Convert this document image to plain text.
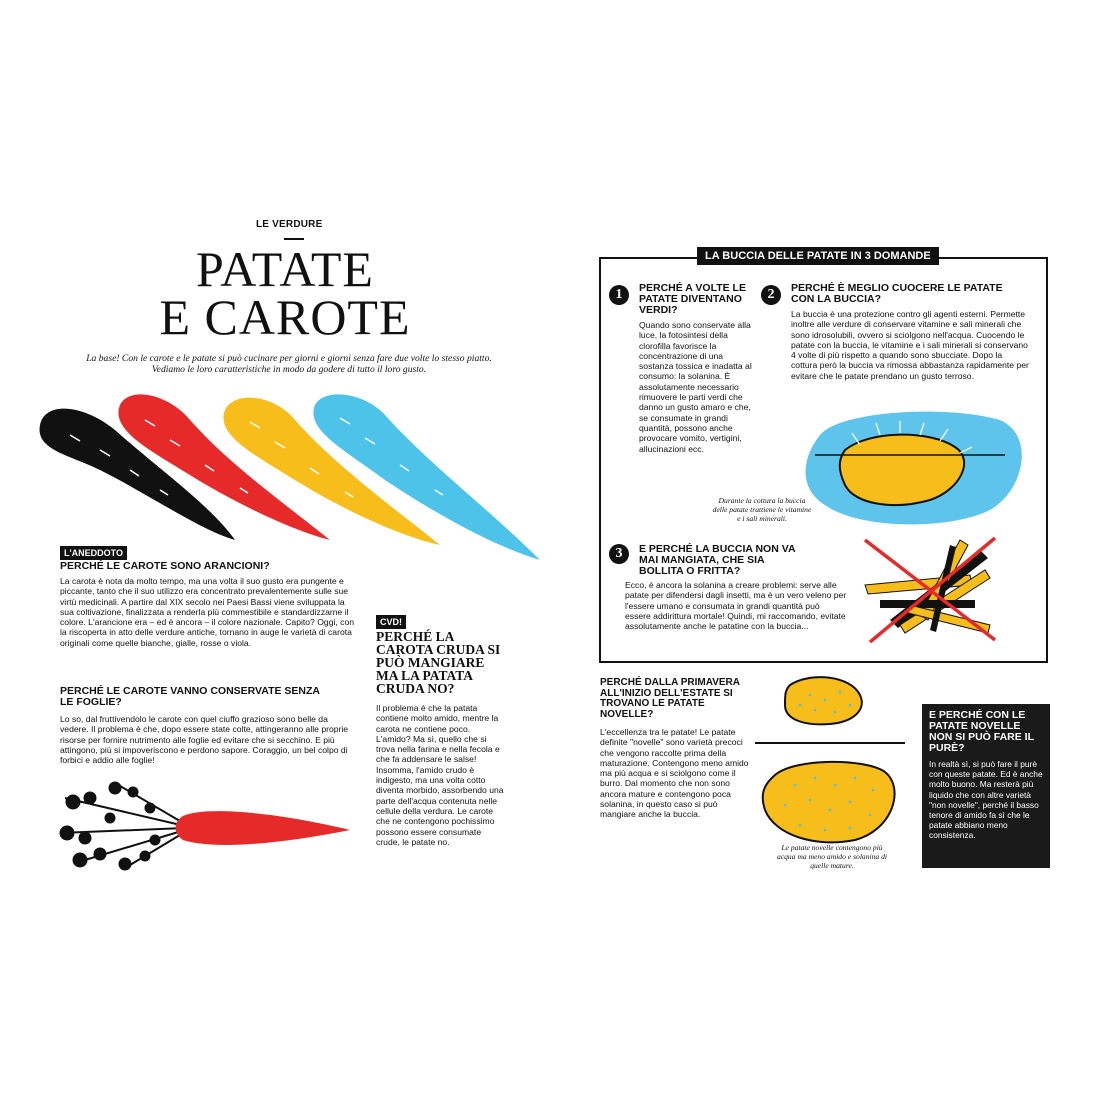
LE VERDURE
PATATE
E CAROTE
La base! Con le carote e le patate si può cucinare per giorni e giorni senza fare due volte lo stesso piatto. Vediamo le loro caratteristiche in modo da godere di tutto il loro gusto.
L'ANEDDOTO
PERCHÉ LE CAROTE SONO ARANCIONI?
La carota è nota da molto tempo, ma una volta il suo gusto era pungente e piccante, tanto che il suo utilizzo era concentrato prevalentemente sulle sue virtù medicinali. A partire dal XIX secolo nei Paesi Bassi viene sviluppata la sua coltivazione, finalizzata a renderla più commestibile e standardizzarne il colore. L'arancione era – ed è ancora – il colore nazionale. Capito? Oggi, con la riscoperta in atto delle verdure antiche, tornano in auge le varietà di carota originali come quelle bianche, gialle, rosse o viola.
PERCHÉ LE CAROTE VANNO CONSERVATE SENZA LE FOGLIE?
Lo so, dal fruttivendolo le carote con quel ciuffo grazioso sono belle da vedere. Il problema è che, dopo essere state colte, attingeranno alle proprie risorse per fornire nutrimento alle foglie ed evitare che si secchino. E più attingono, più si impoveriscono e perdono sapore. Coraggio, un bel colpo di forbici e addio alle foglie!
CVD!
PERCHÉ LA CAROTA CRUDA SI PUÒ MANGIARE MA LA PATATA CRUDA NO?
Il problema è che la patata contiene molto amido, mentre la carota ne contiene poco. L'amido? Ma sì, quello che si trova nella farina e nella fecola e che fa addensare le salse! Insomma, l'amido crudo è indigesto, ma una volta cotto diventa morbido, assorbendo una parte dell'acqua contenuta nelle cellule della verdura. Le carote che ne contengono pochissimo possono essere consumate crude, le patate no.
LA BUCCIA DELLE PATATE IN 3 DOMANDE
1	PERCHÉ A VOLTE LE PATATE DIVENTANO VERDI?
Quando sono conservate alla luce, la fotosintesi della clorofilla favorisce la concentrazione di una sostanza tossica e inadatta al consumo: la solanina. È assolutamente necessario rimuovere le parti verdi che danno un gusto amaro e che, se consumate in grandi quantità, possono anche provocare vomito, vertigini, allucinazioni ecc.
2	PERCHÉ È MEGLIO CUOCERE LE PATATE CON LA BUCCIA?
La buccia è una protezione contro gli agenti esterni. Permette inoltre alle verdure di conservare vitamine e sali minerali che sono idrosolubili, ovvero si sciolgono nell'acqua. Cuocendo le patate con la buccia, le vitamine e i sali minerali si conservano 4 volte di più rispetto a quando sono sbucciate. Dopo la cottura però la buccia va rimossa abbastanza rapidamente per evitare che le patate prendano un gusto terroso.
Durante la cottura la buccia delle patate trattiene le vitamine e i sali minerali.
3	E PERCHÉ LA BUCCIA NON VA MAI MANGIATA, CHE SIA BOLLITA O FRITTA?
Ecco, è ancora la solanina a creare problemi: serve alle patate per difendersi dagli insetti, ma è un vero veleno per l'essere umano e consumata in grandi quantità può essere addirittura mortale! Quindi, mi raccomando, evitate assolutamente anche le patatine con la buccia...
PERCHÉ DALLA PRIMAVERA ALL'INIZIO DELL'ESTATE SI TROVANO LE PATATE NOVELLE?
L'eccellenza tra le patate! Le patate definite "novelle" sono varietà precoci che vengono raccolte prima della maturazione. Contengono meno amido ma più acqua e si sciolgono come il burro. Dal momento che non sono ancora mature e contengono poca solanina, in questo caso si può mangiare anche la buccia.
Le patate novelle contengono più acqua ma meno amido e solanina di quelle mature.
E PERCHÉ CON LE PATATE NOVELLE NON SI PUÒ FARE IL PURÈ?
In realtà sì, si può fare il purè con queste patate. Ed è anche molto buono. Ma resterà più liquido che con altre varietà "non novelle", perché il basso tenore di amido fa sì che le patate abbiano meno consistenza.
